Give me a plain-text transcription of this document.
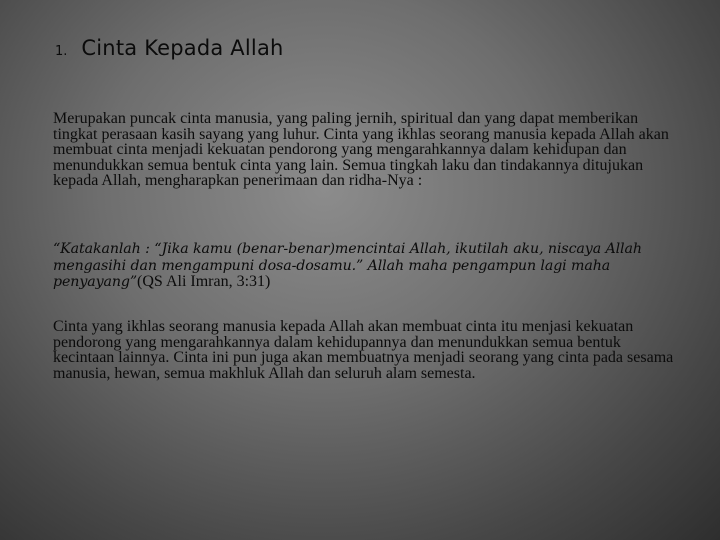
1. Cinta Kepada Allah

Merupakan puncak cinta manusia, yang paling jernih, spiritual dan yang dapat memberikan tingkat perasaan kasih sayang yang luhur. Cinta yang ikhlas seorang manusia kepada Allah akan membuat cinta menjadi kekuatan pendorong yang mengarahkannya dalam kehidupan dan menundukkan semua bentuk cinta yang lain. Semua tingkah laku dan tindakannya ditujukan kepada Allah, mengharapkan penerimaan dan ridha-Nya :

“Katakanlah : “Jika kamu (benar-benar)mencintai Allah, ikutilah aku, niscaya Allah mengasihi dan mengampuni dosa-dosamu.” Allah maha pengampun lagi maha penyayang”(QS Ali Imran, 3:31)

Cinta yang ikhlas seorang manusia kepada Allah akan membuat cinta itu menjasi kekuatan pendorong yang mengarahkannya dalam kehidupannya dan menundukkan semua bentuk kecintaan lainnya. Cinta ini pun juga akan membuatnya menjadi seorang yang cinta pada sesama manusia, hewan, semua makhluk Allah dan seluruh alam semesta.
